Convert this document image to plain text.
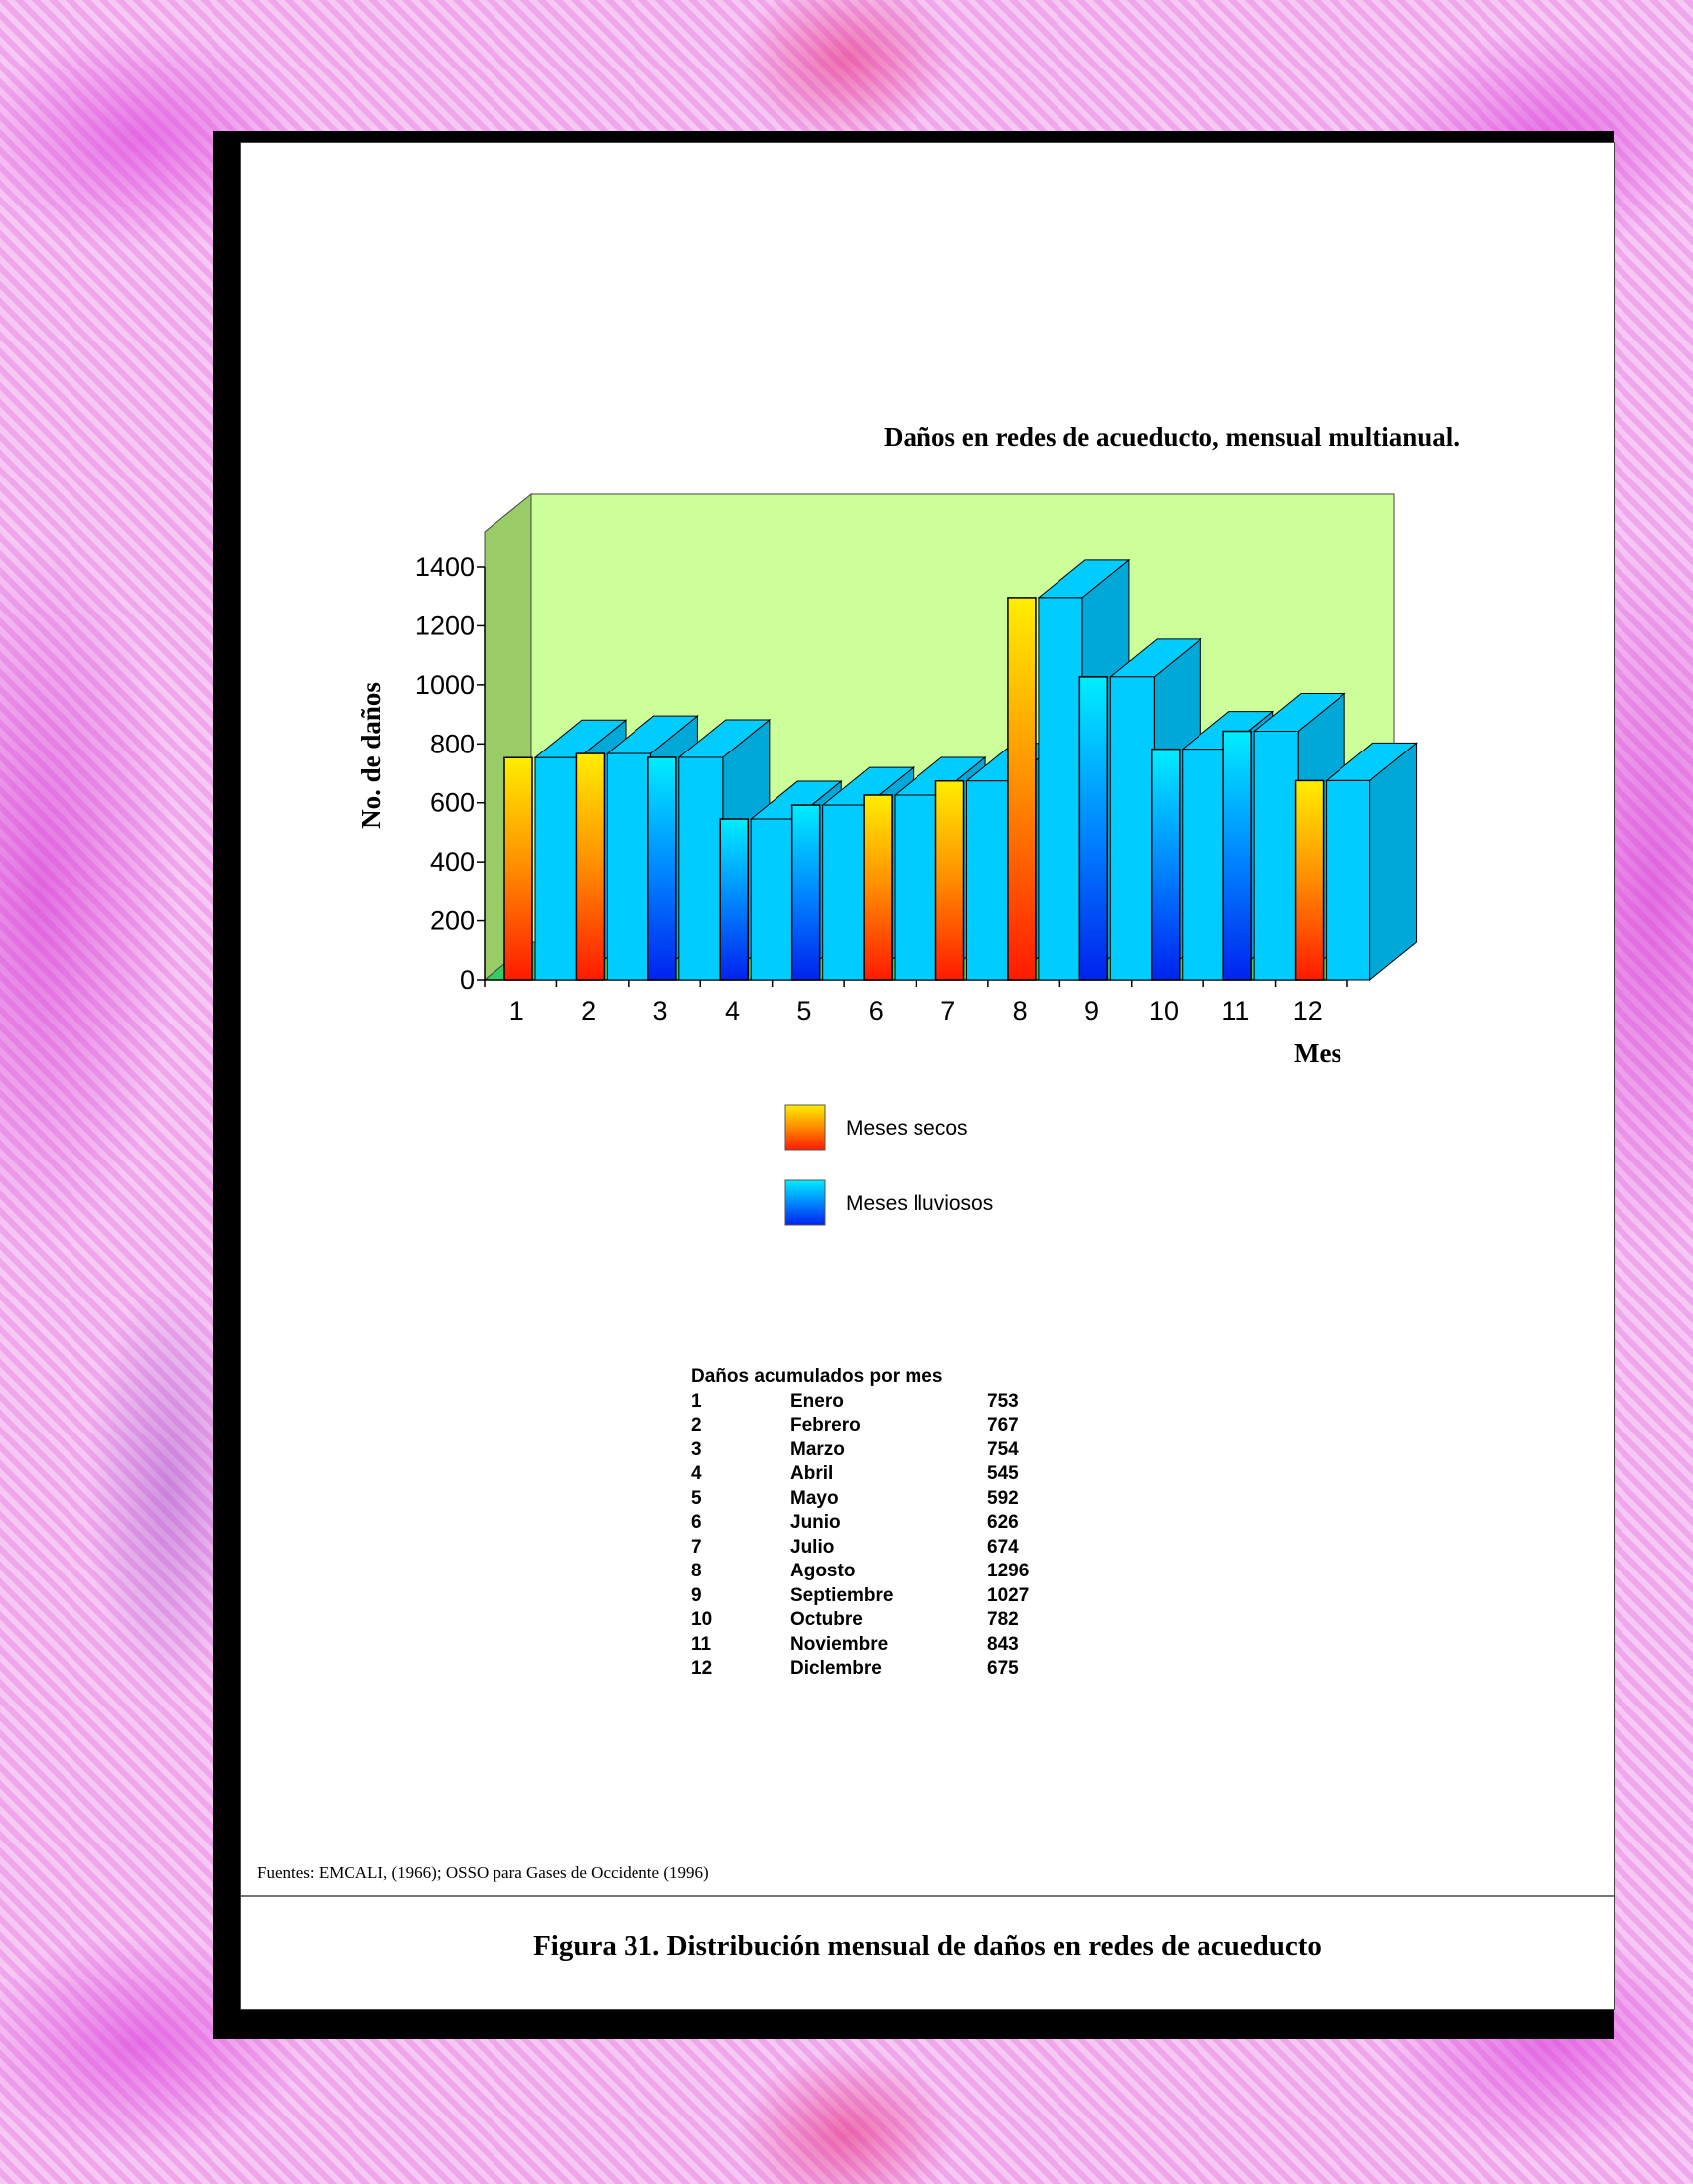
Daños en redes de acueducto, mensual multianual.
0
200
400
600
800
1000
1200
1400
1 2 3 4 5 6 7 8 9 10 11 12
No. de daños
Mes
Meses secos
Meses lluviosos
Daños acumulados por mes
1	Enero	753
2	Febrero	767
3	Marzo	754
4	Abril	545
5	Mayo	592
6	Junio	626
7	Julio	674
8	Agosto	1296
9	Septiembre	1027
10	Octubre	782
11	Noviembre	843
12	Diclembre	675
Fuentes: EMCALI, (1966); OSSO para Gases de Occidente (1996)
Figura 31. Distribución mensual de daños en redes de acueducto
